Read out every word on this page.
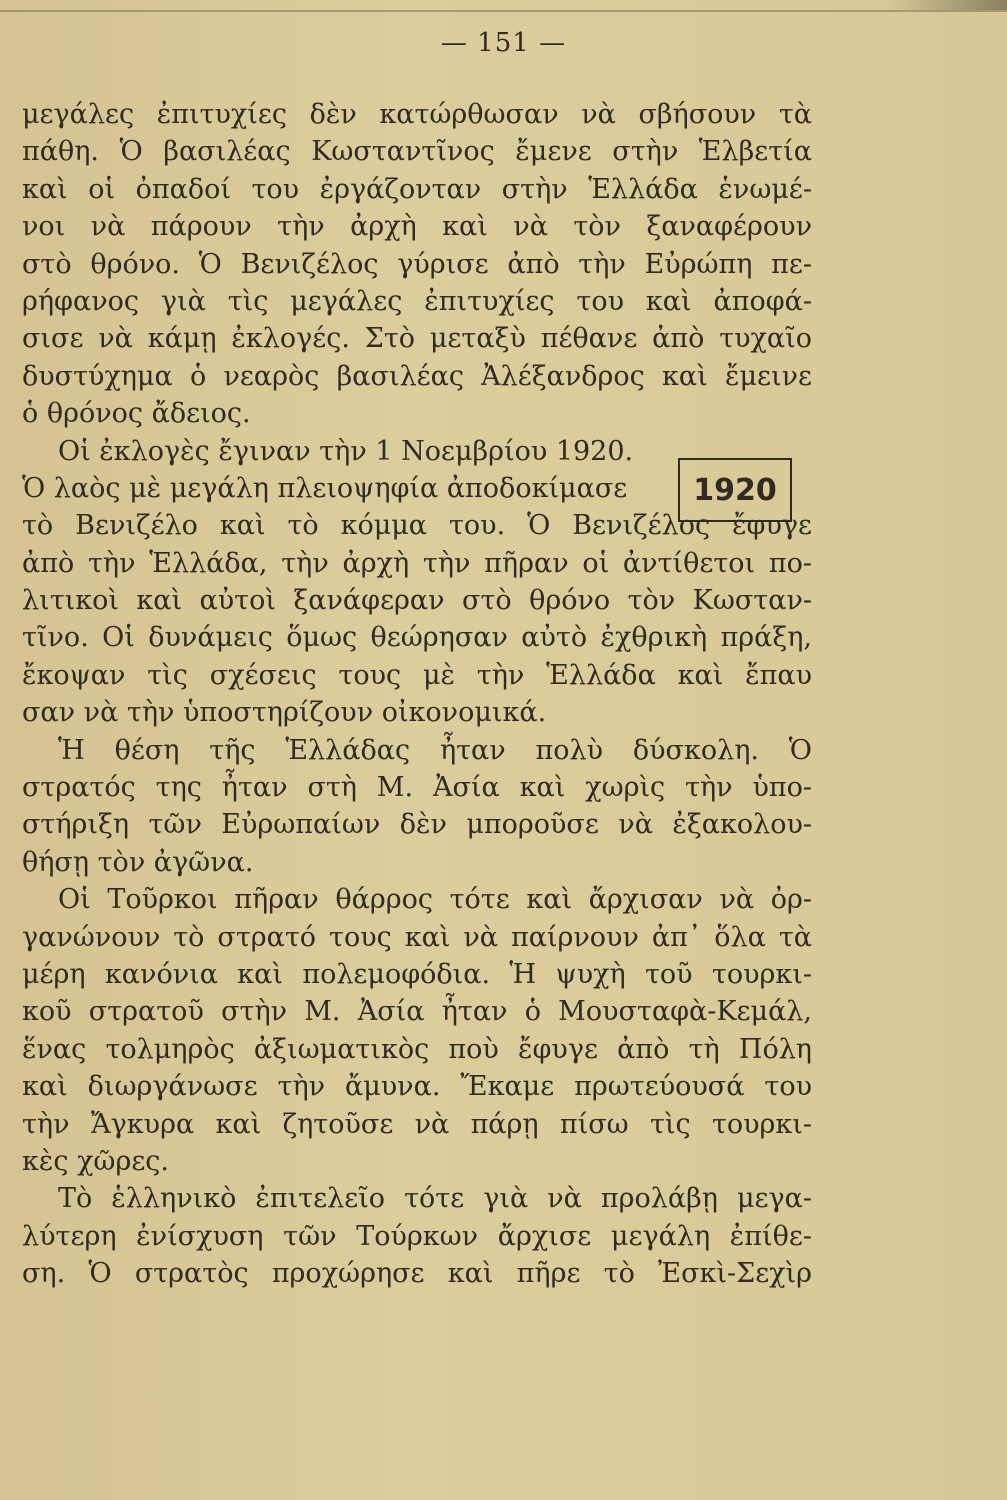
— 151 —
μεγάλες ἐπιτυχίες δὲν κατώρθωσαν νὰ σβήσουν τὰ
πάθη. Ὁ βασιλέας Κωσταντῖνος ἔμενε στὴν Ἑλβετία
καὶ οἱ ὀπαδοί του ἐργάζονταν στὴν Ἑλλάδα ἑνωμέ-
νοι νὰ πάρουν τὴν ἀρχὴ καὶ νὰ τὸν ξαναφέρουν
στὸ θρόνο. Ὁ Βενιζέλος γύρισε ἀπὸ τὴν Εὐρώπη πε-
ρήφανος γιὰ τὶς μεγάλες ἐπιτυχίες του καὶ ἀποφά-
σισε νὰ κάμῃ ἐκλογές. Στὸ μεταξὺ πέθανε ἀπὸ τυχαῖο
δυστύχημα ὁ νεαρὸς βασιλέας Ἀλέξανδρος καὶ ἔμεινε
ὁ θρόνος ἄδειος.
Οἱ ἐκλογὲς ἔγιναν τὴν 1 Νοεμβρίου 1920.
Ὁ λαὸς μὲ μεγάλη πλειοψηφία ἀποδοκίμασε
τὸ Βενιζέλο καὶ τὸ κόμμα του. Ὁ Βενιζέλος ἔφυγε
ἀπὸ τὴν Ἑλλάδα, τὴν ἀρχὴ τὴν πῆραν οἱ ἀντίθετοι πο-
λιτικοὶ καὶ αὐτοὶ ξανάφεραν στὸ θρόνο τὸν Κωσταν-
τῖνο. Οἱ δυνάμεις ὅμως θεώρησαν αὐτὸ ἐχθρικὴ πράξη,
ἔκοψαν τὶς σχέσεις τους μὲ τὴν Ἑλλάδα καὶ ἔπαυ
σαν νὰ τὴν ὑποστηρίζουν οἰκονομικά.
Ἡ θέση τῆς Ἑλλάδας ἦταν πολὺ δύσκολη. Ὁ
στρατός της ἦταν στὴ Μ. Ἀσία καὶ χωρὶς τὴν ὑπο-
στήριξη τῶν Εὐρωπαίων δὲν μποροῦσε νὰ ἐξακολου-
θήσῃ τὸν ἀγῶνα.
Οἱ Τοῦρκοι πῆραν θάρρος τότε καὶ ἄρχισαν νὰ ὀρ-
γανώνουν τὸ στρατό τους καὶ νὰ παίρνουν ἀπ᾽ ὅλα τὰ
μέρη κανόνια καὶ πολεμοφόδια. Ἡ ψυχὴ τοῦ τουρκι-
κοῦ στρατοῦ στὴν Μ. Ἀσία ἦταν ὁ Μουσταφὰ-Κεμάλ,
ἕνας τολμηρὸς ἀξιωματικὸς ποὺ ἔφυγε ἀπὸ τὴ Πόλη
καὶ διωργάνωσε τὴν ἄμυνα. Ἔκαμε πρωτεύουσά του
τὴν Ἄγκυρα καὶ ζητοῦσε νὰ πάρῃ πίσω τὶς τουρκι-
κὲς χῶρες.
Τὸ ἑλληνικὸ ἐπιτελεῖο τότε γιὰ νὰ προλάβῃ μεγα-
λύτερη ἐνίσχυση τῶν Τούρκων ἄρχισε μεγάλη ἐπίθε-
ση. Ὁ στρατὸς προχώρησε καὶ πῆρε τὸ Ἐσκὶ-Σεχὶρ
1920
